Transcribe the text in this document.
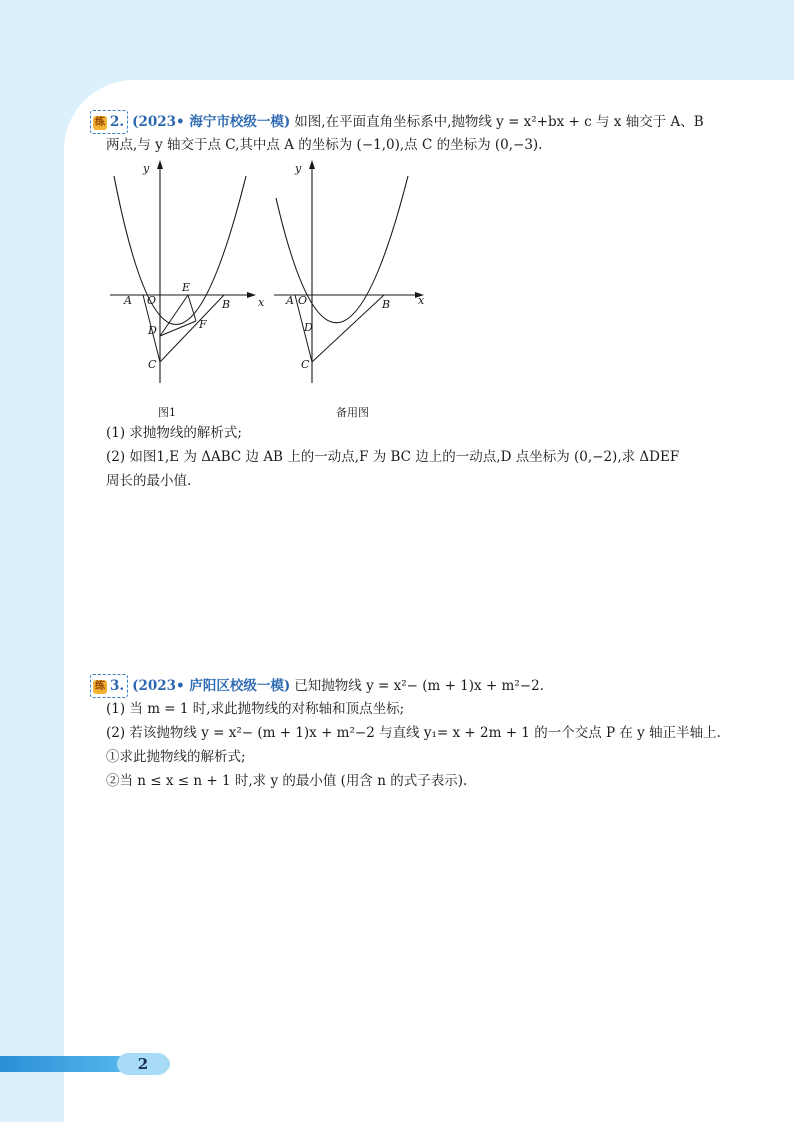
练 2. (2023• 海宁市校级一模) 如图,在平面直角坐标系中,抛物线 y = x²+bx + c 与 x 轴交于 A、B
两点,与 y 轴交于点 C,其中点 A 的坐标为 (−1,0),点 C 的坐标为 (0,−3).
y
x
O
A	B
C
D
E
F
图1
y
x
O
A	B
C
D
备用图
(1) 求抛物线的解析式;
(2) 如图1,E 为 ΔABC 边 AB 上的一动点,F 为 BC 边上的一动点,D 点坐标为 (0,−2),求 ΔDEF
周长的最小值.
练 3. (2023• 庐阳区校级一模) 已知抛物线 y = x²− (m + 1)x + m²−2.
(1) 当 m = 1 时,求此抛物线的对称轴和顶点坐标;
(2) 若该抛物线 y = x²− (m + 1)x + m²−2 与直线 y₁= x + 2m + 1 的一个交点 P 在 y 轴正半轴上.
①求此抛物线的解析式;
②当 n ≤ x ≤ n + 1 时,求 y 的最小值 (用含 n 的式子表示).
2
